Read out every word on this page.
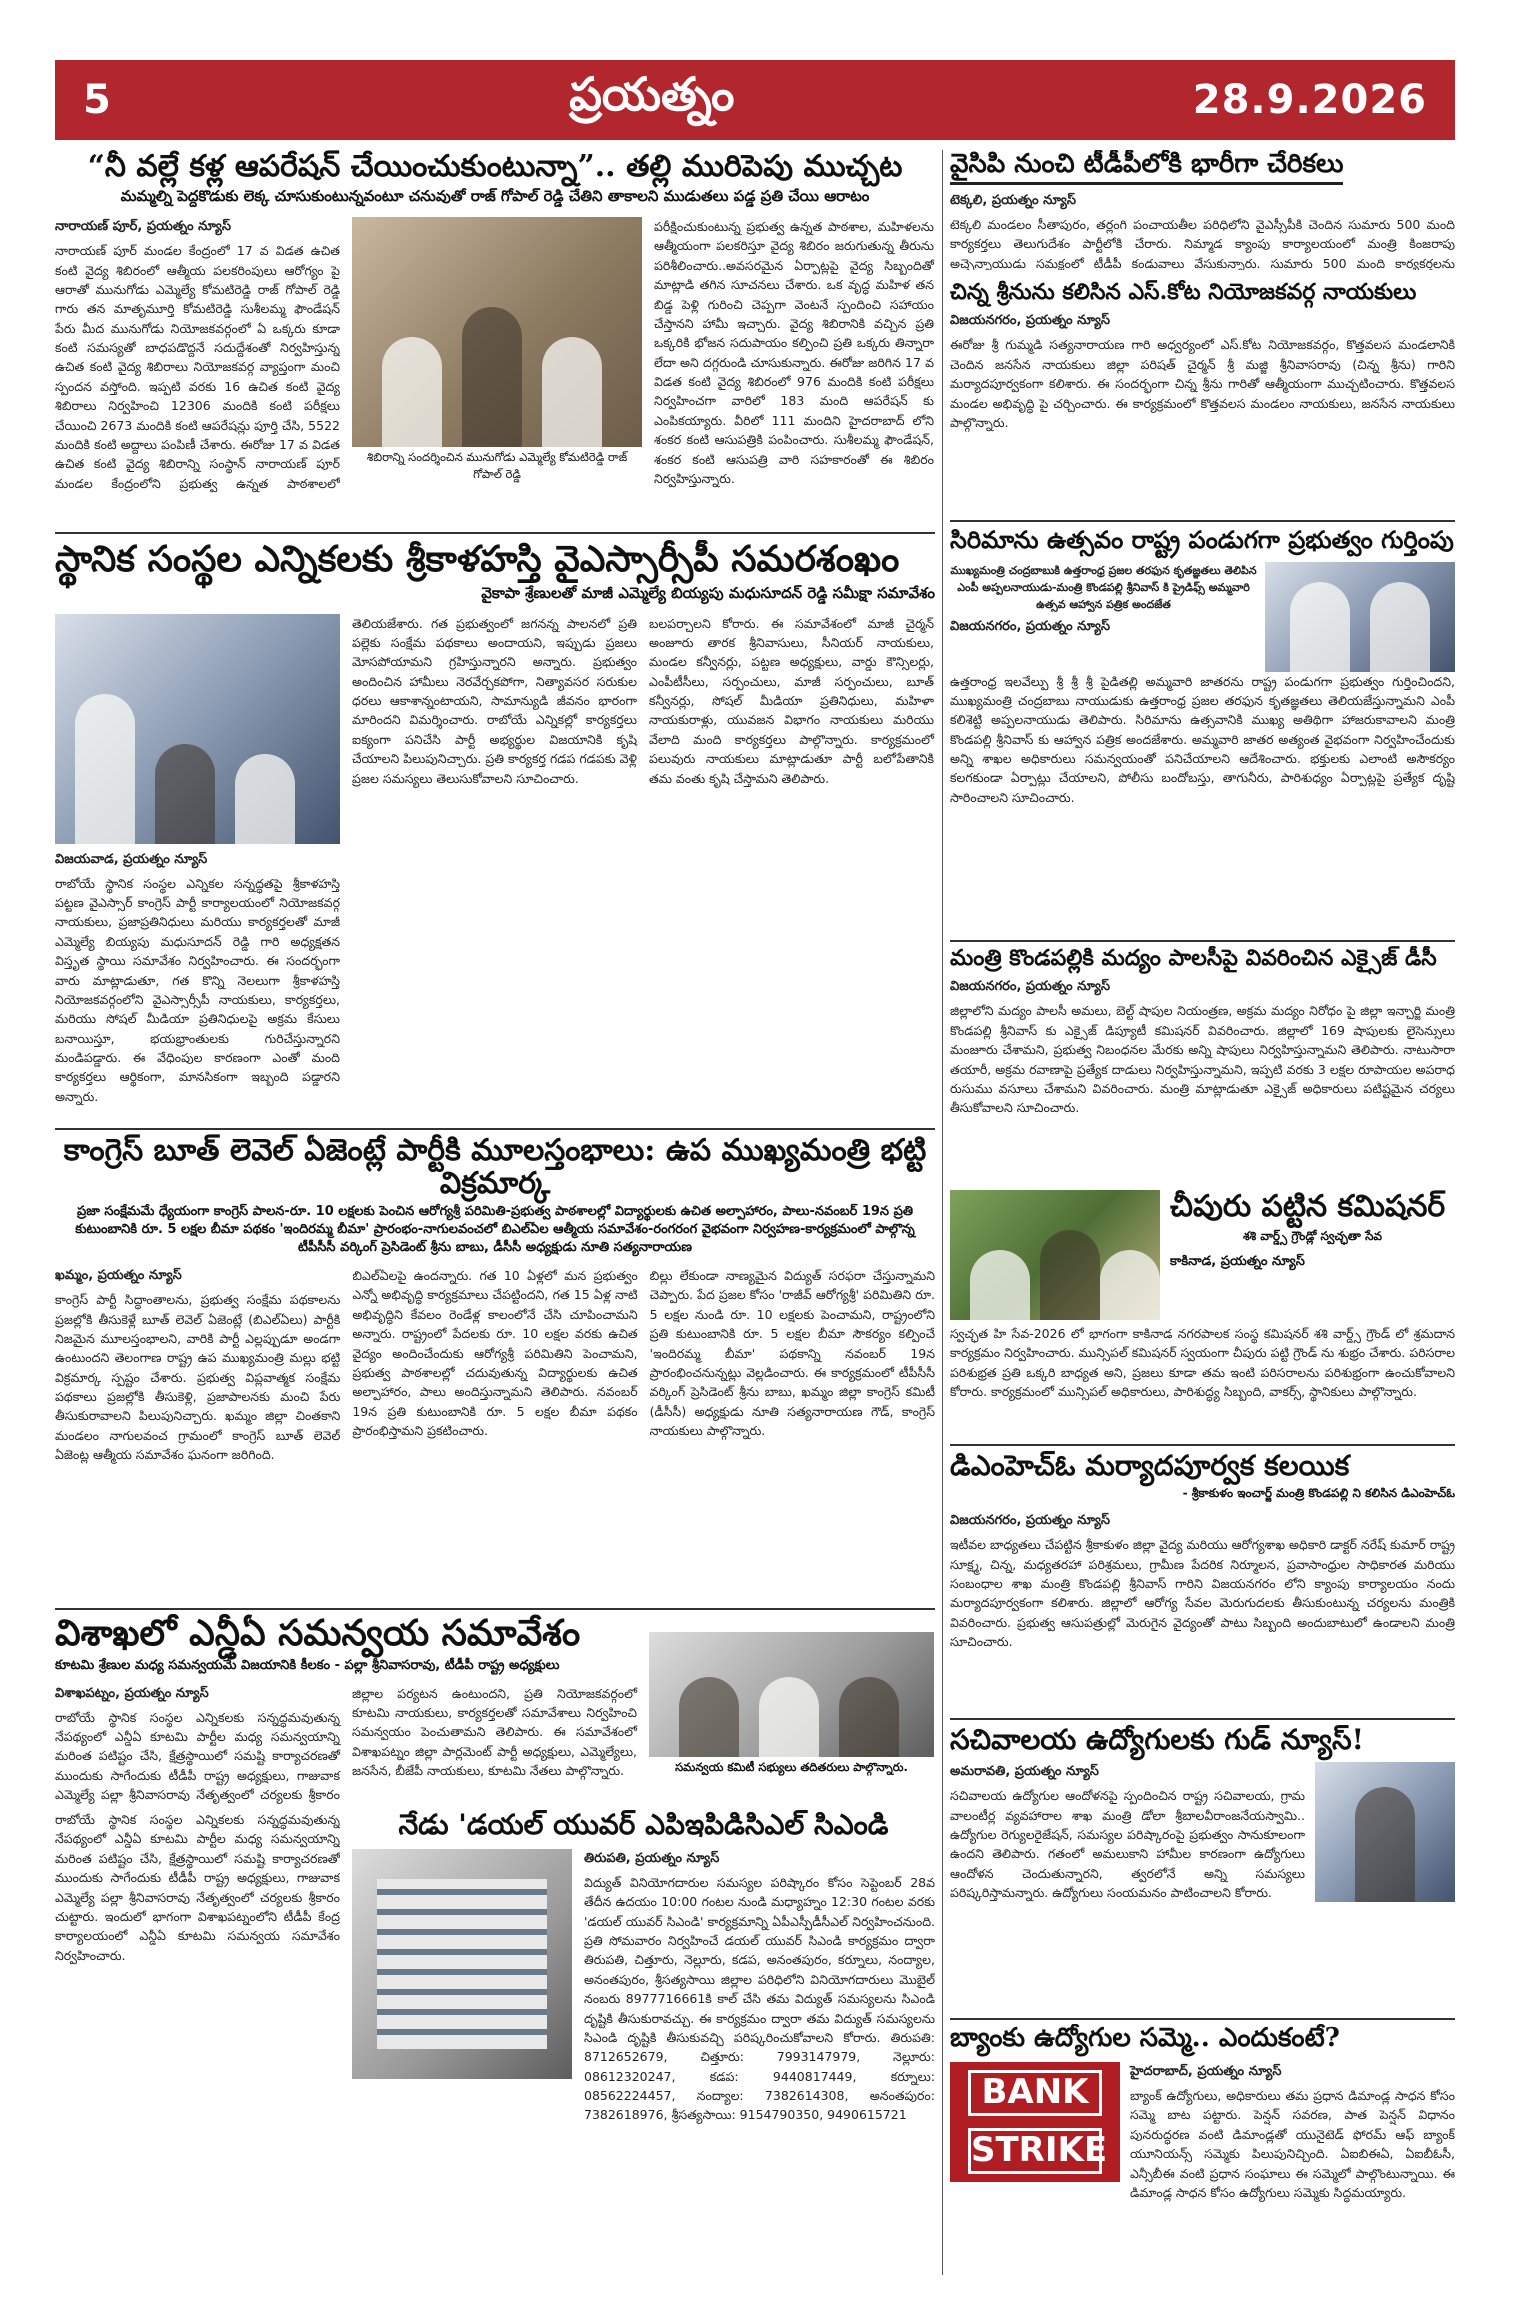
5	ప్రయత్నం	28.9.2026
“నీ వల్లే కళ్ల ఆపరేషన్ చేయించుకుంటున్నా”.. తల్లి మురిపెపు ముచ్చట
మమ్మల్ని పెద్దకొడుకు లెక్క చూసుకుంటున్నవంటూ చనువుతో రాజ్ గోపాల్ రెడ్డి చేతిని తాకాలని ముడుతలు పడ్డ ప్రతి చేయి ఆరాటం
నారాయణ్ పూర్, ప్రయత్నం న్యూస్
నారాయణ్ పూర్ మండల కేంద్రంలో 17 వ విడత ఉచిత కంటి వైద్య శిబిరంలో ఆత్మీయ పలకరింపులు ఆరోగ్యం పై ఆరాతో మునుగోడు ఎమ్మెల్యే కోమటిరెడ్డి రాజ్ గోపాల్ రెడ్డి గారు తన మాతృమూర్తి కోమటిరెడ్డి సుశీలమ్మ ఫౌండేషన్ పేరు మీద మునుగోడు నియోజకవర్గంలో ఏ ఒక్కరు కూడా కంటి సమస్యతో బాధపడొద్దనే సదుద్దేశంతో నిర్వహిస్తున్న ఉచిత కంటి వైద్య శిబిరాలు నియోజకవర్గ వ్యాప్తంగా మంచి స్పందన వస్తోంది. ఇప్పటి వరకు 16 ఉచిత కంటి వైద్య శిబిరాలు నిర్వహించి 12306 మందికి కంటి పరీక్షలు చేయించి 2673 మందికి కంటి ఆపరేషన్లు పూర్తి చేసి, 5522 మందికి కంటి అద్దాలు పంపిణీ చేశారు. ఈరోజు 17 వ విడత ఉచిత కంటి వైద్య శిబిరాన్ని సంస్థాన్ నారాయణ్ పూర్ మండల కేంద్రంలోని ప్రభుత్వ ఉన్నత పాఠశాలలో
శిబిరాన్ని సందర్శించిన మునుగోడు ఎమ్మెల్యే కోమటిరెడ్డి రాజ్ గోపాల్ రెడ్డి
పరీక్షించుకుంటున్న ప్రభుత్వ ఉన్నత పాఠశాల, మహిళలను ఆత్మీయంగా పలకరిస్తూ వైద్య శిబిరం జరుగుతున్న తీరును పరిశీలించారు..అవసరమైన ఏర్పాట్లపై వైద్య సిబ్బందితో మాట్లాడి తగిన సూచనలు చేశారు. ఒక వృద్ధ మహిళ తన బిడ్డ పెళ్లి గురించి చెప్పగా వెంటనే స్పందించి సహాయం చేస్తానని హామీ ఇచ్చారు. వైద్య శిబిరానికి వచ్చిన ప్రతి ఒక్కరికి భోజన సదుపాయం కల్పించి ప్రతి ఒక్కరు తిన్నారా లేదా అని దగ్గరుండి చూసుకున్నారు. ఈరోజు జరిగిన 17 వ విడత కంటి వైద్య శిబిరంలో 976 మందికి కంటి పరీక్షలు నిర్వహించగా వారిలో 183 మంది ఆపరేషన్ కు ఎంపికయ్యారు. వీరిలో 111 మందిని హైదరాబాద్ లోని శంకర కంటి ఆసుపత్రికి పంపించారు. సుశీలమ్మ ఫౌండేషన్, శంకర కంటి ఆసుపత్రి వారి సహకారంతో ఈ శిబిరం నిర్వహిస్తున్నారు.
స్థానిక సంస్థల ఎన్నికలకు శ్రీకాళహస్తి వైఎస్సార్సీపీ సమరశంఖం
వైకాపా శ్రేణులతో మాజీ ఎమ్మెల్యే బియ్యపు మధుసూదన్ రెడ్డి సమీక్షా సమావేశం
విజయవాడ, ప్రయత్నం న్యూస్
రాబోయే స్థానిక సంస్థల ఎన్నికల సన్నద్ధతపై శ్రీకాళహస్తి పట్టణ వైఎస్సార్ కాంగ్రెస్ పార్టీ కార్యాలయంలో నియోజకవర్గ నాయకులు, ప్రజాప్రతినిధులు మరియు కార్యకర్తలతో మాజీ ఎమ్మెల్యే బియ్యపు మధుసూదన్ రెడ్డి గారి అధ్యక్షతన విస్తృత స్థాయి సమావేశం నిర్వహించారు. ఈ సందర్భంగా వారు మాట్లాడుతూ, గత కొన్ని నెలలుగా శ్రీకాళహస్తి నియోజకవర్గంలోని వైఎస్సార్సీపీ నాయకులు, కార్యకర్తలు, మరియు సోషల్ మీడియా ప్రతినిధులపై అక్రమ కేసులు బనాయిస్తూ, భయభ్రాంతులకు గురిచేస్తున్నారని మండిపడ్డారు. ఈ వేధింపుల కారణంగా ఎంతో మంది కార్యకర్తలు ఆర్థికంగా, మానసికంగా ఇబ్బంది పడ్డారని అన్నారు.
తెలియజేశారు. గత ప్రభుత్వంలో జగనన్న పాలనలో ప్రతి పల్లెకు సంక్షేమ పథకాలు అందాయని, ఇప్పుడు ప్రజలు మోసపోయామని గ్రహిస్తున్నారని అన్నారు. ప్రభుత్వం అందించిన హామీలు నెరవేర్చకపోగా, నిత్యావసర సరుకుల ధరలు ఆకాశాన్నంటాయని, సామాన్యుడి జీవనం భారంగా మారిందని విమర్శించారు. రాబోయే ఎన్నికల్లో కార్యకర్తలు ఐక్యంగా పనిచేసి పార్టీ అభ్యర్థుల విజయానికి కృషి చేయాలని పిలుపునిచ్చారు. ప్రతి కార్యకర్త గడప గడపకు వెళ్లి ప్రజల సమస్యలు తెలుసుకోవాలని సూచించారు.
బలపర్చాలని కోరారు. ఈ సమావేశంలో మాజీ చైర్మన్ అంజూరు తారక శ్రీనివాసులు, సీనియర్ నాయకులు, మండల కన్వీనర్లు, పట్టణ అధ్యక్షులు, వార్డు కౌన్సిలర్లు, ఎంపీటీసీలు, సర్పంచులు, మాజీ సర్పంచులు, బూత్ కన్వీనర్లు, సోషల్ మీడియా ప్రతినిధులు, మహిళా నాయకురాళ్లు, యువజన విభాగం నాయకులు మరియు వేలాది మంది కార్యకర్తలు పాల్గొన్నారు. కార్యక్రమంలో పలువురు నాయకులు మాట్లాడుతూ పార్టీ బలోపేతానికి తమ వంతు కృషి చేస్తామని తెలిపారు.
కాంగ్రెస్ బూత్ లెవెల్ ఏజెంట్లే పార్టీకి మూలస్తంభాలు: ఉప ముఖ్యమంత్రి భట్టి విక్రమార్క
ప్రజా సంక్షేమమే ధ్యేయంగా కాంగ్రెస్ పాలన-రూ. 10 లక్షలకు పెంచిన ఆరోగ్యశ్రీ పరిమితి-ప్రభుత్వ పాఠశాలల్లో విద్యార్థులకు ఉచిత అల్పాహారం, పాలు-నవంబర్ 19న ప్రతి కుటుంబానికి రూ. 5 లక్షల బీమా పథకం 'ఇందిరమ్మ బీమా' ప్రారంభం-నాగులవంచలో బిఎల్ఏల ఆత్మీయ సమావేశం-రంగరంగ వైభవంగా నిర్వహణ-కార్యక్రమంలో పాల్గొన్న టీపీసీసీ వర్కింగ్ ప్రెసిడెంట్ శ్రీను బాబు, డీసీసీ అధ్యక్షుడు నూతి సత్యనారాయణ
ఖమ్మం, ప్రయత్నం న్యూస్
కాంగ్రెస్ పార్టీ సిద్ధాంతాలను, ప్రభుత్వ సంక్షేమ పథకాలను ప్రజల్లోకి తీసుకెళ్లే బూత్ లెవెల్ ఏజెంట్లే (బిఎల్ఏలు) పార్టీకి నిజమైన మూలస్తంభాలని, వారికి పార్టీ ఎల్లప్పుడూ అండగా ఉంటుందని తెలంగాణ రాష్ట్ర ఉప ముఖ్యమంత్రి మల్లు భట్టి విక్రమార్క స్పష్టం చేశారు. ప్రభుత్వ విప్లవాత్మక సంక్షేమ పథకాలు ప్రజల్లోకి తీసుకెళ్లి, ప్రజాపాలనకు మంచి పేరు తీసుకురావాలని పిలుపునిచ్చారు. ఖమ్మం జిల్లా చింతకాని మండలం నాగులవంచ గ్రామంలో కాంగ్రెస్ బూత్ లెవెల్ ఏజెంట్ల ఆత్మీయ సమావేశం ఘనంగా జరిగింది.
బిఎల్ఏలపై ఉందన్నారు. గత 10 ఏళ్లలో మన ప్రభుత్వం ఎన్నో అభివృద్ధి కార్యక్రమాలు చేపట్టిందని, గత 15 ఏళ్ల నాటి అభివృద్ధిని కేవలం రెండేళ్ల కాలంలోనే చేసి చూపించామని అన్నారు. రాష్ట్రంలో పేదలకు రూ. 10 లక్షల వరకు ఉచిత వైద్యం అందించేందుకు ఆరోగ్యశ్రీ పరిమితిని పెంచామని, ప్రభుత్వ పాఠశాలల్లో చదువుతున్న విద్యార్థులకు ఉచిత అల్పాహారం, పాలు అందిస్తున్నామని తెలిపారు. నవంబర్ 19న ప్రతి కుటుంబానికి రూ. 5 లక్షల బీమా పథకం ప్రారంభిస్తామని ప్రకటించారు.
బిల్లు లేకుండా నాణ్యమైన విద్యుత్ సరఫరా చేస్తున్నామని చెప్పారు. పేద ప్రజల కోసం 'రాజీవ్ ఆరోగ్యశ్రీ' పరిమితిని రూ. 5 లక్షల నుండి రూ. 10 లక్షలకు పెంచామని, రాష్ట్రంలోని ప్రతి కుటుంబానికి రూ. 5 లక్షల బీమా సౌకర్యం కల్పించే 'ఇందిరమ్మ బీమా' పథకాన్ని నవంబర్ 19న ప్రారంభించనున్నట్లు వెల్లడించారు. ఈ కార్యక్రమంలో టీపీసీసీ వర్కింగ్ ప్రెసిడెంట్ శ్రీను బాబు, ఖమ్మం జిల్లా కాంగ్రెస్ కమిటీ (డీసీసీ) అధ్యక్షుడు నూతి సత్యనారాయణ గౌడ్, కాంగ్రెస్ నాయకులు పాల్గొన్నారు.
విశాఖలో ఎన్డీఏ సమన్వయ సమావేశం
కూటమి శ్రేణుల మధ్య సమన్వయమే విజయానికి కీలకం - పల్లా శ్రీనివాసరావు, టీడీపీ రాష్ట్ర అధ్యక్షులు
విశాఖపట్నం, ప్రయత్నం న్యూస్
రాబోయే స్థానిక సంస్థల ఎన్నికలకు సన్నద్ధమవుతున్న నేపథ్యంలో ఎన్డీఏ కూటమి పార్టీల మధ్య సమన్వయాన్ని మరింత పటిష్టం చేసి, క్షేత్రస్థాయిలో సమష్టి కార్యాచరణతో ముందుకు సాగేందుకు టీడీపీ రాష్ట్ర అధ్యక్షులు, గాజువాక ఎమ్మెల్యే పల్లా శ్రీనివాసరావు నేతృత్వంలో చర్యలకు శ్రీకారం
జిల్లాల పర్యటన ఉంటుందని, ప్రతి నియోజకవర్గంలో కూటమి నాయకులు, కార్యకర్తలతో సమావేశాలు నిర్వహించి సమన్వయం పెంచుతామని తెలిపారు. ఈ సమావేశంలో విశాఖపట్నం జిల్లా పార్లమెంట్ పార్టీ అధ్యక్షులు, ఎమ్మెల్యేలు, జనసేన, బీజేపీ నాయకులు, కూటమి నేతలు పాల్గొన్నారు.	సమన్వయ కమిటీ సభ్యులు తదితరులు పాల్గొన్నారు.
రాబోయే స్థానిక సంస్థల ఎన్నికలకు సన్నద్ధమవుతున్న నేపథ్యంలో ఎన్డీఏ కూటమి పార్టీల మధ్య సమన్వయాన్ని మరింత పటిష్టం చేసి, క్షేత్రస్థాయిలో సమష్టి కార్యాచరణతో ముందుకు సాగేందుకు టీడీపీ రాష్ట్ర అధ్యక్షులు, గాజువాక ఎమ్మెల్యే పల్లా శ్రీనివాసరావు నేతృత్వంలో చర్యలకు శ్రీకారం చుట్టారు. ఇందులో భాగంగా విశాఖపట్నంలోని టీడీపీ కేంద్ర కార్యాలయంలో ఎన్డీఏ కూటమి సమన్వయ సమావేశం నిర్వహించారు.
నేడు 'డయల్ యువర్ ఎపిఇపిడిసిఎల్ సిఎండి
తిరుపతి, ప్రయత్నం న్యూస్
విద్యుత్ వినియోగదారుల సమస్యల పరిష్కారం కోసం సెప్టెంబర్ 28వ తేదీన ఉదయం 10:00 గంటల నుండి మధ్యాహ్నం 12:30 గంటల వరకు 'డయల్ యువర్ సిఎండి' కార్యక్రమాన్ని ఏపీఎస్పీడీసీఎల్ నిర్వహించనుంది. ప్రతి సోమవారం నిర్వహించే డయల్ యువర్ సిఎండి కార్యక్రమం ద్వారా తిరుపతి, చిత్తూరు, నెల్లూరు, కడప, అనంతపురం, కర్నూలు, నంద్యాల, అనంతపురం, శ్రీసత్యసాయి జిల్లాల పరిధిలోని వినియోగదారులు మొబైల్ నంబరు 8977716661కి కాల్ చేసి తమ విద్యుత్ సమస్యలను సిఎండి దృష్టికి తీసుకురావచ్చు. ఈ కార్యక్రమం ద్వారా తమ విద్యుత్ సమస్యలను సిఎండి దృష్టికి తీసుకువచ్చి పరిష్కరించుకోవాలని కోరారు. తిరుపతి: 8712652679, చిత్తూరు: 7993147979, నెల్లూరు: 08612320247, కడప: 9440817449, కర్నూలు: 08562224457, నంద్యాల: 7382614308, అనంతపురం: 7382618976, శ్రీసత్యసాయి: 9154790350, 9490615721
వైసిపి నుంచి టీడీపీలోకి భారీగా చేరికలు
టెక్కలి, ప్రయత్నం న్యూస్
టెక్కలి మండలం సీతాపురం, తర్లంగి పంచాయతీల పరిధిలోని వైఎస్సీపీకి చెందిన సుమారు 500 మంది కార్యకర్తలు తెలుగుదేశం పార్టీలోకి చేరారు. నిమ్మాడ క్యాంపు కార్యాలయంలో మంత్రి కింజరాపు అచ్చెన్నాయుడు సమక్షంలో టీడీపీ కండువాలు వేసుకున్నారు. సుమారు 500 మంది కార్యకర్తలను
చిన్న శ్రీనును కలిసిన ఎస్.కోట నియోజకవర్గ నాయకులు
విజయనగరం, ప్రయత్నం న్యూస్
ఈరోజు శ్రీ గుమ్మడి సత్యనారాయణ గారి అధ్వర్యంలో ఎస్.కోట నియోజకవర్గం, కొత్తవలస మండలానికి చెందిన జనసేన నాయకులు జిల్లా పరిషత్ చైర్మన్ శ్రీ మజ్జి శ్రీనివాసరావు (చిన్న శ్రీను) గారిని మర్యాదపూర్వకంగా కలిశారు. ఈ సందర్భంగా చిన్న శ్రీను గారితో ఆత్మీయంగా ముచ్చటించారు. కొత్తవలస మండల అభివృద్ధి పై చర్చించారు. ఈ కార్యక్రమంలో కొత్తవలస మండలం నాయకులు, జనసేన నాయకులు పాల్గొన్నారు.
సిరిమాను ఉత్సవం రాష్ట్ర పండుగగా ప్రభుత్వం గుర్తింపు
ముఖ్యమంత్రి చంద్రబాబుకి ఉత్తరాంధ్ర ప్రజల తరఫున కృతజ్ఞతలు తెలిపిన ఎంపీ అప్పలనాయుడు-మంత్రి కొండపల్లి శ్రీనివాస్ కి ప్రైడిఫ్స్ అమ్మవారి ఉత్సవ ఆహ్వాన పత్రిక అందజేత
విజయనగరం, ప్రయత్నం న్యూస్
ఉత్తరాంధ్ర ఇలవేల్పు శ్రీ శ్రీ శ్రీ పైడితల్లి అమ్మవారి జాతరను రాష్ట్ర పండుగగా ప్రభుత్వం గుర్తించిందని, ముఖ్యమంత్రి చంద్రబాబు నాయుడుకు ఉత్తరాంధ్ర ప్రజల తరఫున కృతజ్ఞతలు తెలియజేస్తున్నామని ఎంపీ కలిశెట్టి అప్పలనాయుడు తెలిపారు. సిరిమాను ఉత్సవానికి ముఖ్య అతిథిగా హాజరుకావాలని మంత్రి కొండపల్లి శ్రీనివాస్ కు ఆహ్వాన పత్రిక అందజేశారు. అమ్మవారి జాతర అత్యంత వైభవంగా నిర్వహించేందుకు అన్ని శాఖల అధికారులు సమన్వయంతో పనిచేయాలని ఆదేశించారు. భక్తులకు ఎలాంటి అసౌకర్యం కలగకుండా ఏర్పాట్లు చేయాలని, పోలీసు బందోబస్తు, తాగునీరు, పారిశుధ్యం ఏర్పాట్లపై ప్రత్యేక దృష్టి సారించాలని సూచించారు.
మంత్రి కొండపల్లికి మద్యం పాలసీపై వివరించిన ఎక్సైజ్ డీసీ
విజయనగరం, ప్రయత్నం న్యూస్
జిల్లాలోని మద్యం పాలసీ అమలు, బెల్ట్ షాపుల నియంత్రణ, అక్రమ మద్యం నిరోధం పై జిల్లా ఇన్చార్జి మంత్రి కొండపల్లి శ్రీనివాస్ కు ఎక్సైజ్ డిప్యూటీ కమిషనర్ వివరించారు. జిల్లాలో 169 షాపులకు లైసెన్సులు మంజూరు చేశామని, ప్రభుత్వ నిబంధనల మేరకు అన్ని షాపులు నిర్వహిస్తున్నామని తెలిపారు. నాటుసారా తయారీ, అక్రమ రవాణాపై ప్రత్యేక దాడులు నిర్వహిస్తున్నామని, ఇప్పటి వరకు 3 లక్షల రూపాయల అపరాధ రుసుము వసూలు చేశామని వివరించారు. మంత్రి మాట్లాడుతూ ఎక్సైజ్ అధికారులు పటిష్టమైన చర్యలు తీసుకోవాలని సూచించారు.
చీపురు పట్టిన కమిషనర్
శశి వార్డ్స్ గ్రౌండ్లో స్వచ్ఛతా సేవ
కాకినాడ, ప్రయత్నం న్యూస్
స్వచ్ఛత హి సేవ-2026 లో భాగంగా కాకినాడ నగరపాలక సంస్థ కమిషనర్ శశి వార్డ్స్ గ్రౌండ్ లో శ్రమదాన కార్యక్రమం నిర్వహించారు. మున్సిపల్ కమిషనర్ స్వయంగా చీపురు పట్టి గ్రౌండ్ ను శుభ్రం చేశారు. పరిసరాల పరిశుభ్రత ప్రతి ఒక్కరి బాధ్యత అని, ప్రజలు కూడా తమ ఇంటి పరిసరాలను పరిశుభ్రంగా ఉంచుకోవాలని కోరారు. కార్యక్రమంలో మున్సిపల్ అధికారులు, పారిశుద్ధ్య సిబ్బంది, వాకర్స్, స్థానికులు పాల్గొన్నారు.
డిఎంహెచ్ఓ మర్యాదపూర్వక కలయిక
- శ్రీకాకుళం ఇంచార్జ్ మంత్రి కొండపల్లి ని కలిసిన డిఎంహెచ్ఓ
విజయనగరం, ప్రయత్నం న్యూస్
ఇటీవల బాధ్యతలు చేపట్టిన శ్రీకాకుళం జిల్లా వైద్య మరియు ఆరోగ్యశాఖ అధికారి డాక్టర్ నరేష్ కుమార్ రాష్ట్ర సూక్ష్మ, చిన్న, మధ్యతరహా పరిశ్రమలు, గ్రామీణ పేదరిక నిర్మూలన, ప్రవాసాంధ్రుల సాధికారత మరియు సంబంధాల శాఖ మంత్రి కొండపల్లి శ్రీనివాస్ గారిని విజయనగరం లోని క్యాంపు కార్యాలయం నందు మర్యాదపూర్వకంగా కలిశారు. జిల్లాలో ఆరోగ్య సేవల మెరుగుదలకు తీసుకుంటున్న చర్యలను మంత్రికి వివరించారు. ప్రభుత్వ ఆసుపత్రుల్లో మెరుగైన వైద్యంతో పాటు సిబ్బంది అందుబాటులో ఉండాలని మంత్రి సూచించారు.
సచివాలయ ఉద్యోగులకు గుడ్ న్యూస్!
అమరావతి, ప్రయత్నం న్యూస్
సచివాలయ ఉద్యోగుల ఆందోళనపై స్పందించిన రాష్ట్ర సచివాలయ, గ్రామ వాలంటీర్ల వ్యవహారాల శాఖ మంత్రి డోలా శ్రీబాలవీరాంజనేయస్వామి.. ఉద్యోగుల రెగ్యులరైజేషన్, సమస్యల పరిష్కారంపై ప్రభుత్వం సానుకూలంగా ఉందని తెలిపారు. గతంలో అమలుకాని హామీల కారణంగా ఉద్యోగులు ఆందోళన చెందుతున్నారని, త్వరలోనే అన్ని సమస్యలు పరిష్కరిస్తామన్నారు. ఉద్యోగులు సంయమనం పాటించాలని కోరారు.
బ్యాంకు ఉద్యోగుల సమ్మె.. ఎందుకంటే?
BANK
STRIKE
హైదరాబాద్, ప్రయత్నం న్యూస్
బ్యాంక్ ఉద్యోగులు, అధికారులు తమ ప్రధాన డిమాండ్ల సాధన కోసం సమ్మె బాట పట్టారు. పెన్షన్ సవరణ, పాత పెన్షన్ విధానం పునరుద్ధరణ వంటి డిమాండ్లతో యునైటెడ్ ఫోరమ్ ఆఫ్ బ్యాంక్ యూనియన్స్ సమ్మెకు పిలుపునిచ్చింది. ఏఐబిఈఏ, ఏఐబీఓసీ, ఎన్సీబీఈ వంటి ప్రధాన సంఘాలు ఈ సమ్మెలో పాల్గొంటున్నాయి. ఈ డిమాండ్ల సాధన కోసం ఉద్యోగులు సమ్మెకు సిద్ధమయ్యారు.
